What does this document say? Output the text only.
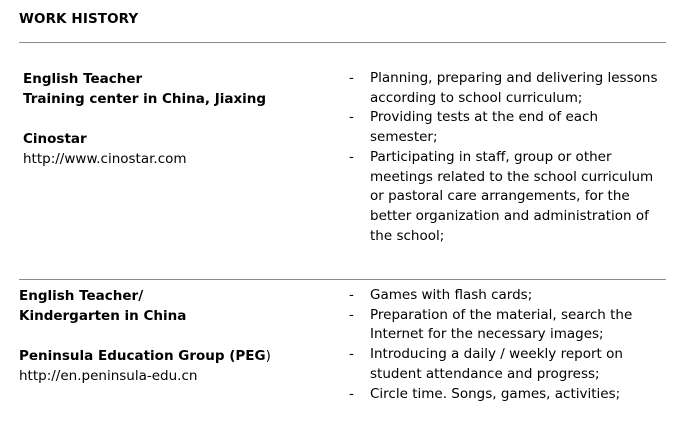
WORK HISTORY
English Teacher
Training center in China, Jiaxing
Cinostar
http://www.cinostar.com
- Planning, preparing and delivering lessons according to school curriculum;
- Providing tests at the end of each semester;
- Participating in staff, group or other meetings related to the school curriculum or pastoral care arrangements, for the better organization and administration of the school;
English Teacher/
Kindergarten in China
Peninsula Education Group (PEG)
http://en.peninsula-edu.cn
- Games with flash cards;
- Preparation of the material, search the Internet for the necessary images;
- Introducing a daily / weekly report on student attendance and progress;
- Circle time. Songs, games, activities;
